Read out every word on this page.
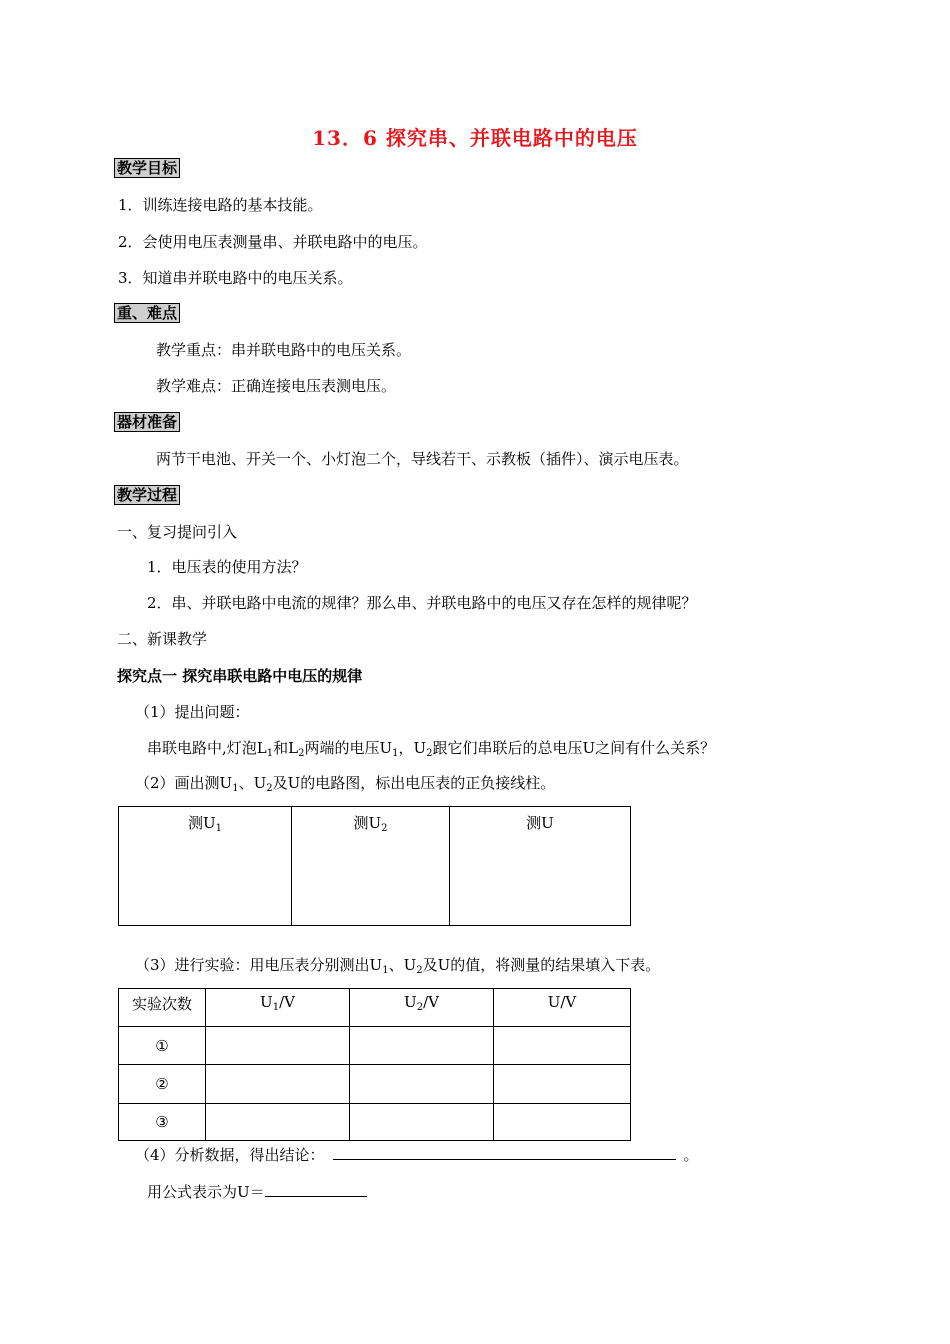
13．6 探究串、并联电路中的电压
教学目标
1．训练连接电路的基本技能。
2．会使用电压表测量串、并联电路中的电压。
3．知道串并联电路中的电压关系。
重、难点
教学重点：串并联电路中的电压关系。
教学难点：正确连接电压表测电压。
器材准备
两节干电池、开关一个、小灯泡二个，导线若干、示教板（插件）、演示电压表。
教学过程
一、复习提问引入
1．电压表的使用方法？
2．串、并联电路中电流的规律？那么串、并联电路中的电压又存在怎样的规律呢？
二、新课教学
探究点一 探究串联电路中电压的规律
（1）提出问题：
串联电路中,灯泡$L_1$和$L_2$两端的电压$U_1$，$U_2$跟它们串联后的总电压U之间有什么关系？
（2）画出测$U_1$、$U_2$及U的电路图，标出电压表的正负接线柱。
测$U_1$	测$U_2$	测U
（3）进行实验：用电压表分别测出$U_1$、$U_2$及U的值，将测量的结果填入下表。
实验次数	$U_1/V$	$U_2/V$	U/V
①			
②			
③			
（4）分析数据，得出结论：	。
用公式表示为U＝
